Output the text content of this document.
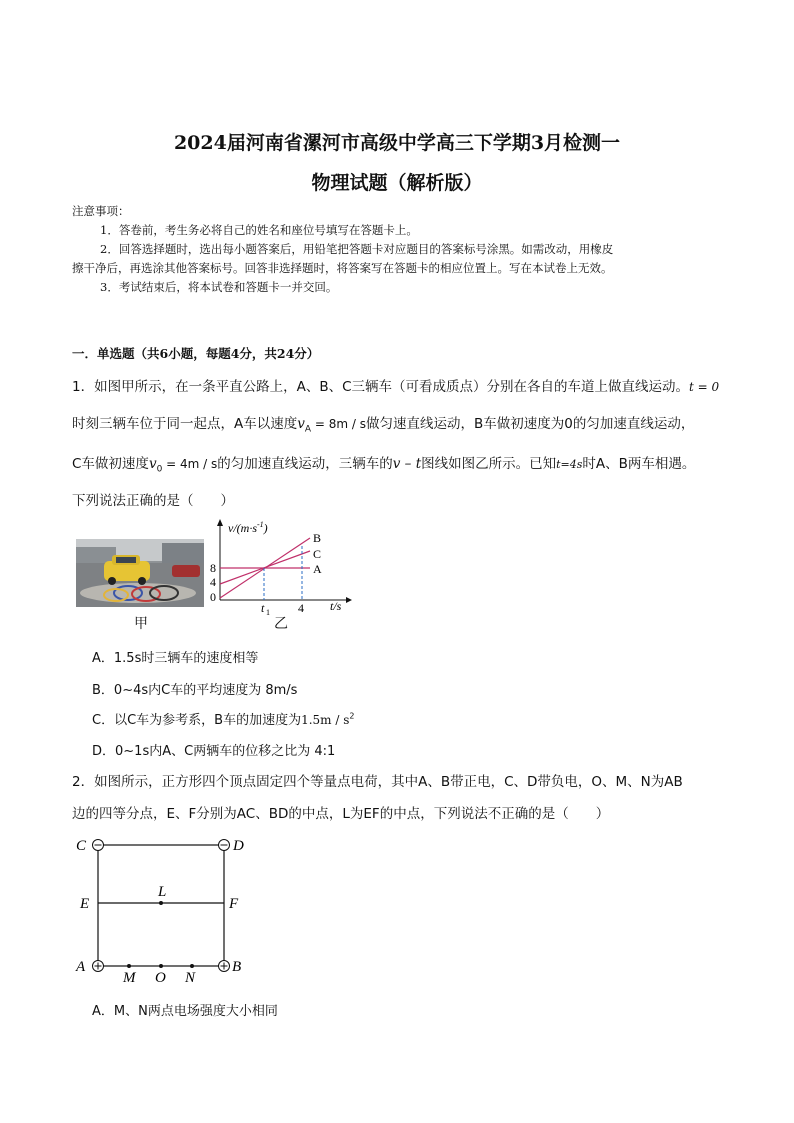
2024届河南省漯河市高级中学高三下学期3月检测一
物理试题（解析版）
注意事项：
1．答卷前，考生务必将自己的姓名和座位号填写在答题卡上。
2．回答选择题时，选出每小题答案后，用铅笔把答题卡对应题目的答案标号涂黑。如需改动，用橡皮
擦干净后，再选涂其他答案标号。回答非选择题时，将答案写在答题卡的相应位置上。写在本试卷上无效。
3．考试结束后，将本试卷和答题卡一并交回。
一．单选题（共6小题，每题4分，共24分）
1．如图甲所示，在一条平直公路上，A、B、C三辆车（可看成质点）分别在各自的车道上做直线运动。t = 0
时刻三辆车位于同一起点，A车以速度$v_A = 8m / s$做匀速直线运动，B车做初速度为0的匀加速直线运动，
C车做初速度$v_0 = 4m / s$的匀加速直线运动，三辆车的v – t图线如图乙所示。已知t=4s时A、B两车相遇。
下列说法正确的是（　　）
甲
8
4
0
t 1 4
$v/(m\cdot s^{-1})$
t/s
B
C
A
乙
A．1.5s时三辆车的速度相等
B．0~4s内C车的平均速度为 8m/s
C．以C车为参考系，B车的加速度为$1.5m / s^2$
D．0~1s内A、C两辆车的位移之比为 4:1
2．如图所示，正方形四个顶点固定四个等量点电荷，其中A、B带正电，C、D带负电，O、M、N为AB
边的四等分点，E、F分别为AC、BD的中点，L为EF的中点，下列说法不正确的是（　　）
C	D
E	F
L
A	B
M O N
A．M、N两点电场强度大小相同
